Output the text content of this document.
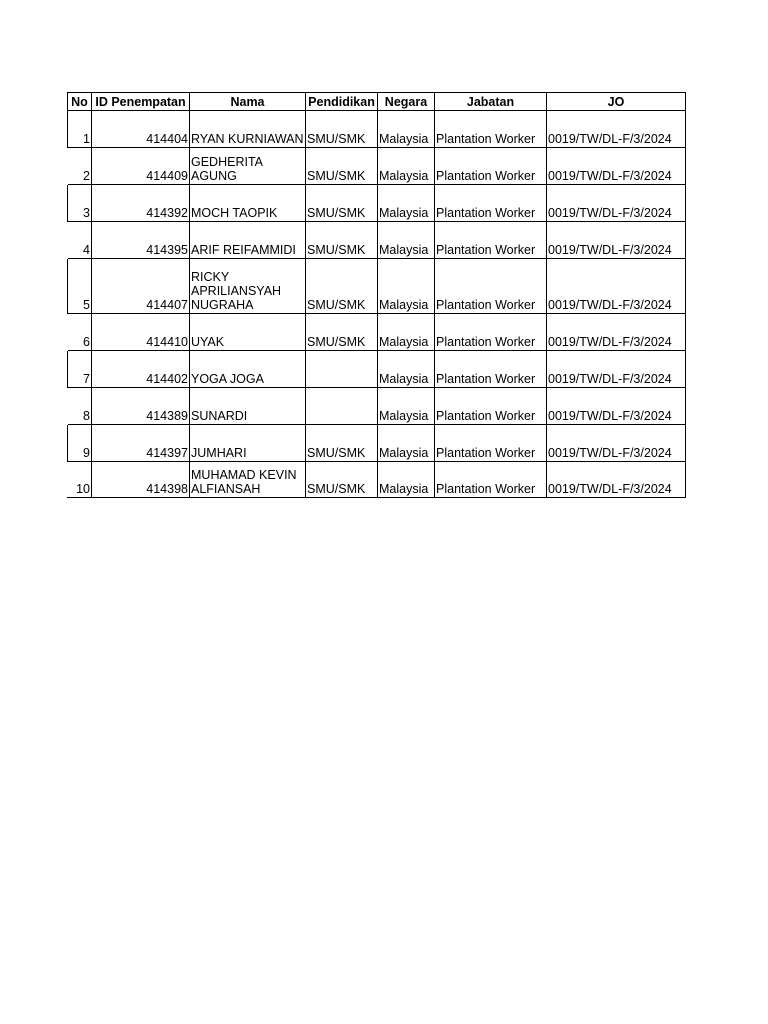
No	ID Penempatan	Nama	Pendidikan	Negara	Jabatan	JO
1	414404	RYAN KURNIAWAN	SMU/SMK	Malaysia	Plantation Worker	0019/TW/DL-F/3/2024
2	414409	GEDHERITA AGUNG	SMU/SMK	Malaysia	Plantation Worker	0019/TW/DL-F/3/2024
3	414392	MOCH TAOPIK	SMU/SMK	Malaysia	Plantation Worker	0019/TW/DL-F/3/2024
4	414395	ARIF REIFAMMIDI	SMU/SMK	Malaysia	Plantation Worker	0019/TW/DL-F/3/2024
5	414407	RICKY APRILIANSYAH NUGRAHA	SMU/SMK	Malaysia	Plantation Worker	0019/TW/DL-F/3/2024
6	414410	UYAK	SMU/SMK	Malaysia	Plantation Worker	0019/TW/DL-F/3/2024
7	414402	YOGA JOGA		Malaysia	Plantation Worker	0019/TW/DL-F/3/2024
8	414389	SUNARDI		Malaysia	Plantation Worker	0019/TW/DL-F/3/2024
9	414397	JUMHARI	SMU/SMK	Malaysia	Plantation Worker	0019/TW/DL-F/3/2024
10	414398	MUHAMAD KEVIN ALFIANSAH	SMU/SMK	Malaysia	Plantation Worker	0019/TW/DL-F/3/2024
